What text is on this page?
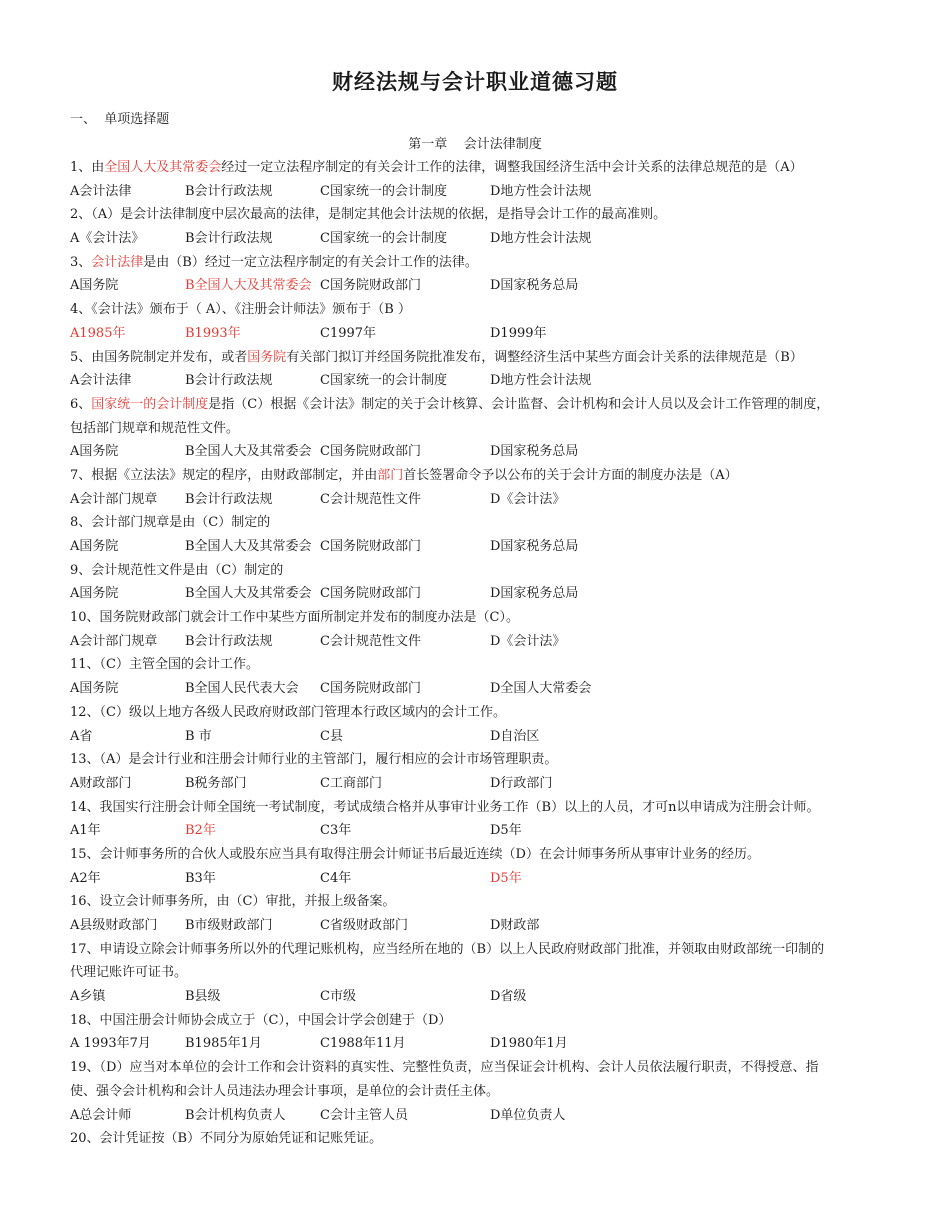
财经法规与会计职业道德习题
一、  单项选择题
第一章    会计法律制度
1、由全国人大及其常委会经过一定立法程序制定的有关会计工作的法律，调整我国经济生活中会计关系的法律总规范的是（A）
A会计法律	B会计行政法规	C国家统一的会计制度	D地方性会计法规
2、（A）是会计法律制度中层次最高的法律，是制定其他会计法规的依据，是指导会计工作的最高准则。
A《会计法》	B会计行政法规	C国家统一的会计制度	D地方性会计法规
3、会计法律是由（B）经过一定立法程序制定的有关会计工作的法律。
A国务院	B全国人大及其常委会 C国务院财政部门	D国家税务总局
4、《会计法》颁布于（ A）、《注册会计师法》颁布于（B ）
A1985年	B1993年	C1997年	D1999年
5、由国务院制定并发布，或者国务院有关部门拟订并经国务院批准发布，调整经济生活中某些方面会计关系的法律规范是（B）
A会计法律	B会计行政法规	C国家统一的会计制度	D地方性会计法规
6、国家统一的会计制度是指（C）根据《会计法》制定的关于会计核算、会计监督、会计机构和会计人员以及会计工作管理的制度，
包括部门规章和规范性文件。
A国务院	B全国人大及其常委会 C国务院财政部门	D国家税务总局
7、根据《立法法》规定的程序，由财政部制定，并由部门首长签署命令予以公布的关于会计方面的制度办法是（A）
A会计部门规章 B会计行政法规	C会计规范性文件	D《会计法》
8、会计部门规章是由（C）制定的
A国务院	B全国人大及其常委会 C国务院财政部门	D国家税务总局
9、会计规范性文件是由（C）制定的
A国务院	B全国人大及其常委会 C国务院财政部门	D国家税务总局
10、国务院财政部门就会计工作中某些方面所制定并发布的制度办法是（C）。
A会计部门规章 B会计行政法规	C会计规范性文件	D《会计法》
11、（C）主管全国的会计工作。
A国务院	B全国人民代表大会 C国务院财政部门	D全国人大常委会
12、（C）级以上地方各级人民政府财政部门管理本行政区域内的会计工作。
A省	B 市	C县	D自治区
13、（A）是会计行业和注册会计师行业的主管部门，履行相应的会计市场管理职责。
A财政部门	B税务部门	C工商部门	D行政部门
14、我国实行注册会计师全国统一考试制度，考试成绩合格并从事审计业务工作（B）以上的人员，才可n以申请成为注册会计师。
A1年	B2年	C3年	D5年
15、会计师事务所的合伙人或股东应当具有取得注册会计师证书后最近连续（D）在会计师事务所从事审计业务的经历。
A2年	B3年	C4年	D5年
16、设立会计师事务所，由（C）审批，并报上级备案。
A县级财政部门 B市级财政部门	C省级财政部门	D财政部
17、申请设立除会计师事务所以外的代理记账机构，应当经所在地的（B）以上人民政府财政部门批准，并领取由财政部统一印制的
代理记账许可证书。
A乡镇	B县级	C市级	D省级
18、中国注册会计师协会成立于（C），中国会计学会创建于（D）
A 1993年7月	B1985年1月	C1988年11月	D1980年1月
19、（D）应当对本单位的会计工作和会计资料的真实性、完整性负责，应当保证会计机构、会计人员依法履行职责，不得授意、指
使、强令会计机构和会计人员违法办理会计事项，是单位的会计责任主体。
A总会计师	B会计机构负责人	C会计主管人员	D单位负责人
20、会计凭证按（B）不同分为原始凭证和记账凭证。
